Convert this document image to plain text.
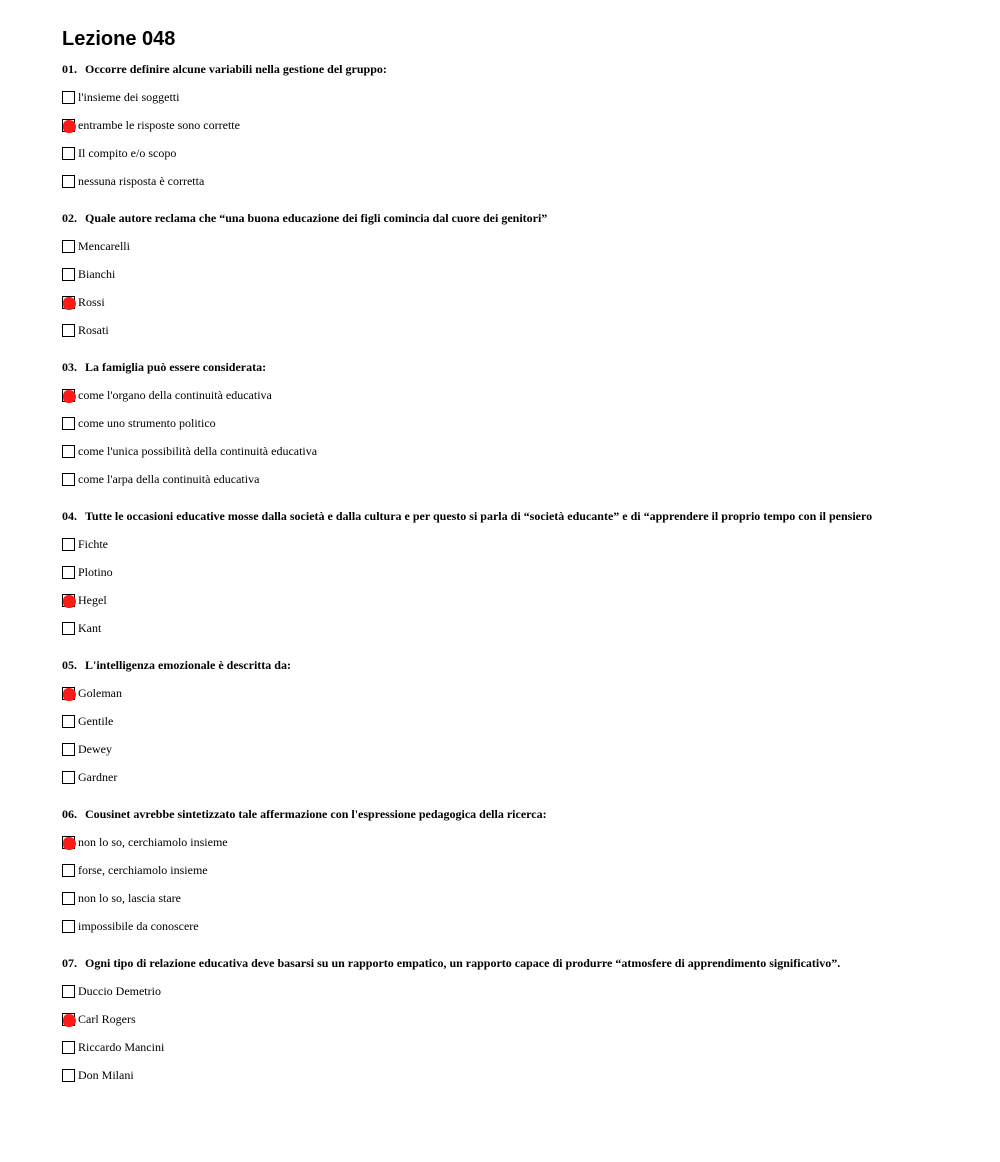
Lezione 048
01. Occorre definire alcune variabili nella gestione del gruppo:
l'insieme dei soggetti
entrambe le risposte sono corrette
Il compito e/o scopo
nessuna risposta è corretta
02. Quale autore reclama che “una buona educazione dei figli comincia dal cuore dei genitori”
Mencarelli
Bianchi
Rossi
Rosati
03. La famiglia può essere considerata:
come l'organo della continuità educativa
come uno strumento politico
come l'unica possibilità della continuità educativa
come l'arpa della continuità educativa
04. Tutte le occasioni educative mosse dalla società e dalla cultura e per questo si parla di “società educante” e di “apprendere il proprio tempo con il pensiero
Fichte
Plotino
Hegel
Kant
05. L'intelligenza emozionale è descritta da:
Goleman
Gentile
Dewey
Gardner
06. Cousinet avrebbe sintetizzato tale affermazione con l'espressione pedagogica della ricerca:
non lo so, cerchiamolo insieme
forse, cerchiamolo insieme
non lo so, lascia stare
impossibile da conoscere
07. Ogni tipo di relazione educativa deve basarsi su un rapporto empatico, un rapporto capace di produrre “atmosfere di apprendimento significativo”.
Duccio Demetrio
Carl Rogers
Riccardo Mancini
Don Milani
